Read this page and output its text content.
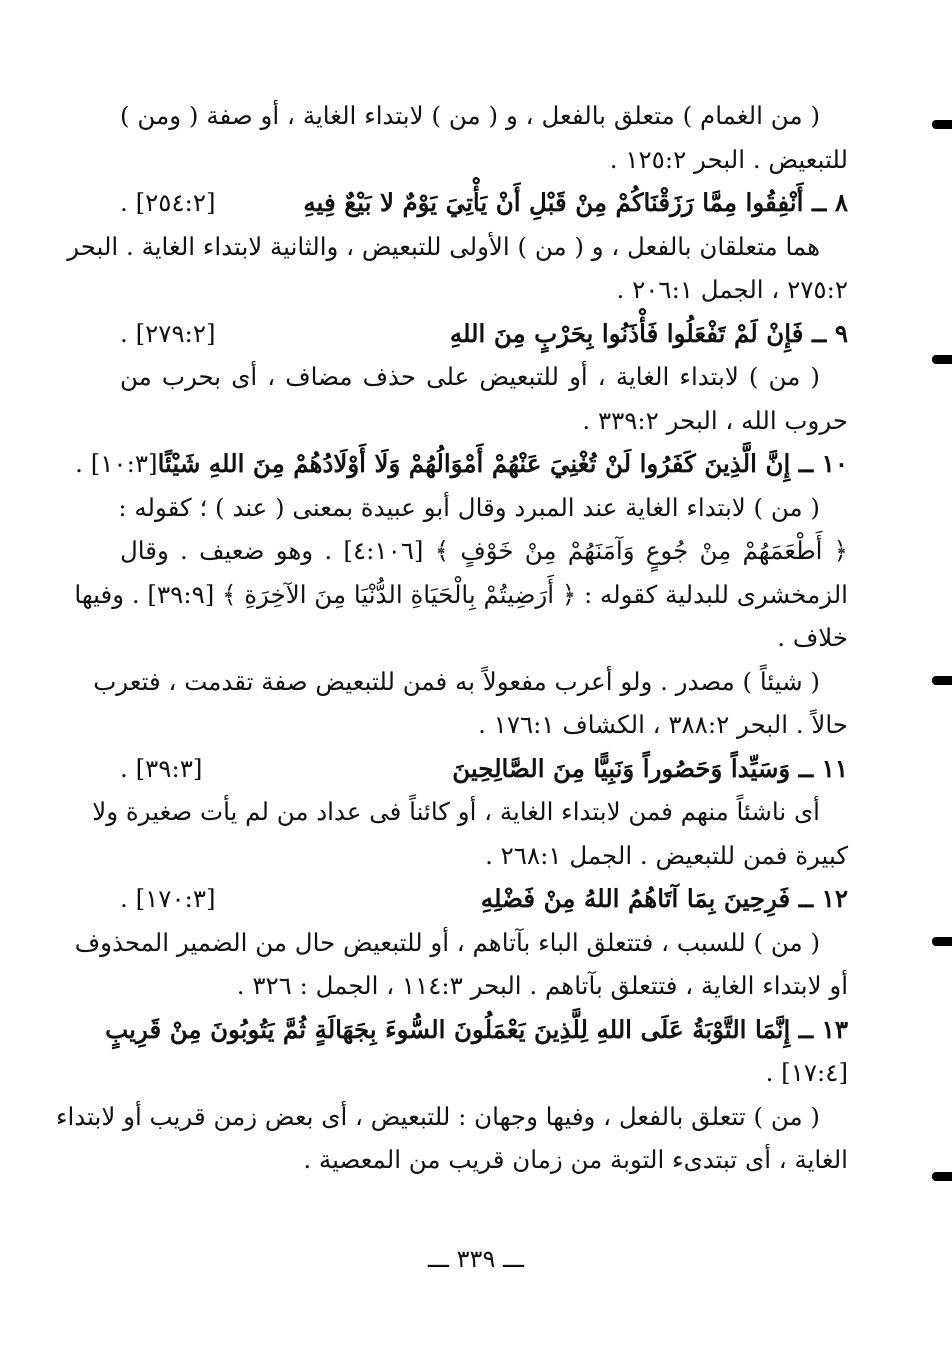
( من الغمام ) متعلق بالفعل ، و ( من ) لابتداء الغاية ، أو صفة ( ومن )
للتبعيض . البحر ١٢٥:٢ .
٨ ــ أَنْفِقُوا مِمَّا رَزَقْنَاكُمْ مِنْ قَبْلِ أَنْ يَأْتِيَ يَوْمٌ لا بَيْعٌ فِيهِ
[٢٥٤:٢] .
هما متعلقان بالفعل ، و ( من ) الأولى للتبعيض ، والثانية لابتداء الغاية . البحر
٢٧٥:٢ ، الجمل ٢٠٦:١ .
٩ ــ فَإِنْ لَمْ تَفْعَلُوا فَأْذَنُوا بِحَرْبٍ مِنَ اللهِ
[٢٧٩:٢] .
( من ) لابتداء الغاية ، أو للتبعيض على حذف مضاف ، أى بحرب من
حروب الله ، البحر ٣٣٩:٢ .
١٠ ــ إِنَّ الَّذِينَ كَفَرُوا لَنْ تُغْنِيَ عَنْهُمْ أَمْوَالُهُمْ وَلَا أَوْلَادُهُمْ مِنَ اللهِ شَيْئًا
[١٠:٣] .
( من ) لابتداء الغاية عند المبرد وقال أبو عبيدة بمعنى ( عند ) ؛ كقوله :
﴿ أَطْعَمَهُمْ مِنْ جُوعٍ وَآمَنَهُمْ مِنْ خَوْفٍ ﴾ [٤:١٠٦] . وهو ضعيف . وقال
الزمخشرى للبدلية كقوله : ﴿ أَرَضِيتُمْ بِالْحَيَاةِ الدُّنْيَا مِنَ الآخِرَةِ ﴾ [٣٩:٩] . وفيها
خلاف .
( شيئاً ) مصدر . ولو أعرب مفعولاً به فمن للتبعيض صفة تقدمت ، فتعرب
حالاً . البحر ٣٨٨:٢ ، الكشاف ١٧٦:١ .
١١ ــ وَسَيِّداً وَحَصُوراً وَنَبِيًّا مِنَ الصَّالِحِينَ
[٣٩:٣] .
أى ناشئاً منهم فمن لابتداء الغاية ، أو كائناً فى عداد من لم يأت صغيرة ولا
كبيرة فمن للتبعيض . الجمل ٢٦٨:١ .
١٢ ــ فَرِحِينَ بِمَا آتَاهُمُ اللهُ مِنْ فَضْلِهِ
[١٧٠:٣] .
( من ) للسبب ، فتتعلق الباء بآتاهم ، أو للتبعيض حال من الضمير المحذوف
أو لابتداء الغاية ، فتتعلق بآتاهم . البحر ١١٤:٣ ، الجمل : ٣٢٦ .
١٣ ــ إِنَّمَا التَّوْبَةُ عَلَى اللهِ لِلَّذِينَ يَعْمَلُونَ السُّوءَ بِجَهَالَةٍ ثُمَّ يَتُوبُونَ مِنْ قَرِيبٍ
[١٧:٤] .
( من ) تتعلق بالفعل ، وفيها وجهان : للتبعيض ، أى بعض زمن قريب أو لابتداء
الغاية ، أى تبتدىء التوبة من زمان قريب من المعصية .
ـــ ٣٣٩ ـــ
